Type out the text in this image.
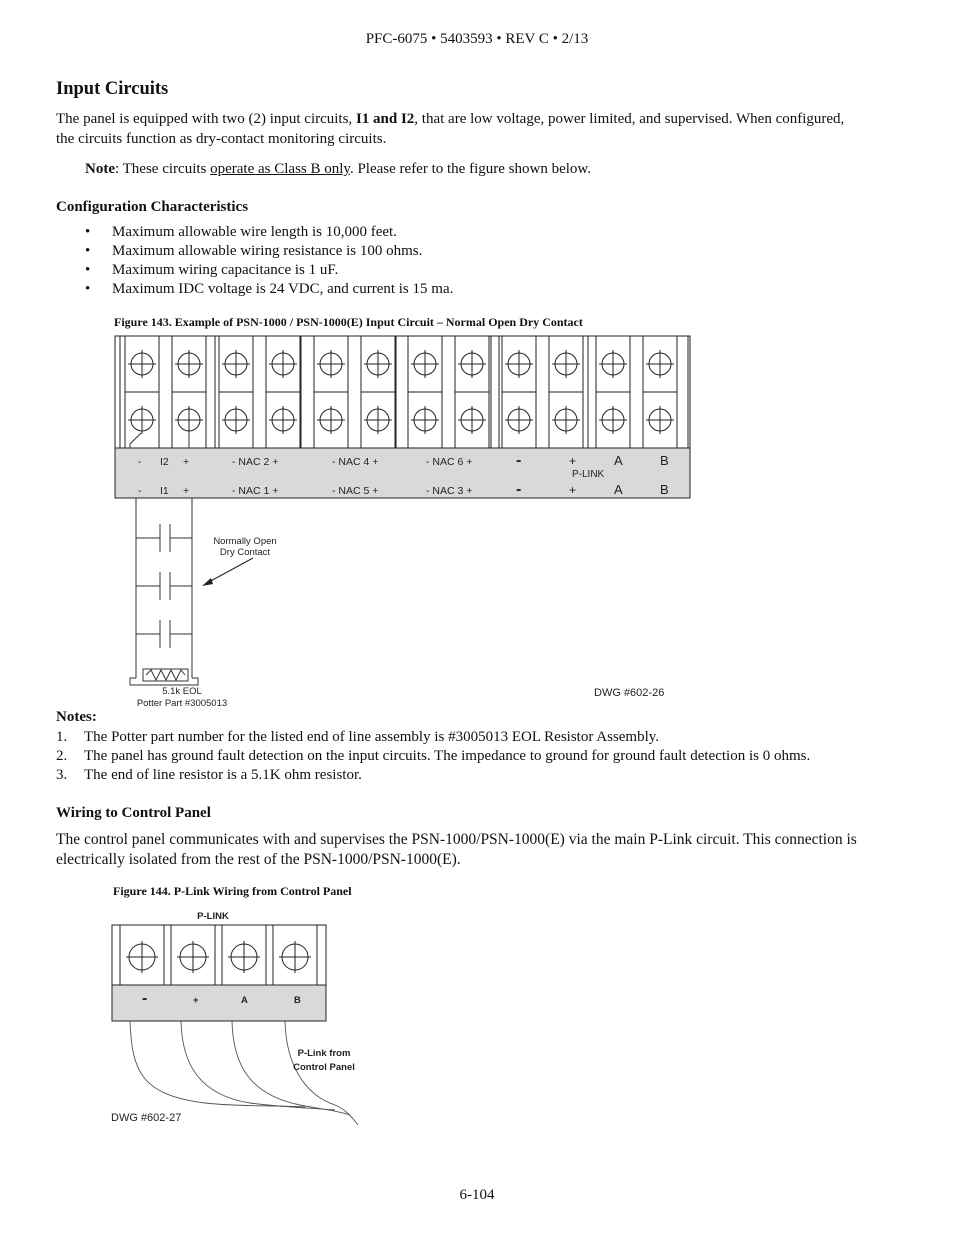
PFC-6075 • 5403593 • REV C • 2/13
Input Circuits
The panel is equipped with two (2) input circuits, I1 and I2, that are low voltage, power limited, and supervised. When configured, the circuits function as dry-contact monitoring circuits.
Note: These circuits operate as Class B only. Please refer to the figure shown below.
Configuration Characteristics
• Maximum allowable wire length is 10,000 feet.
• Maximum allowable wiring resistance is 100 ohms.
• Maximum wiring capacitance is 1 uF.
• Maximum IDC voltage is 24 VDC, and current is 15 ma.
Figure 143. Example of PSN-1000 / PSN-1000(E) Input Circuit – Normal Open Dry Contact
- I2 +	- NAC 2 +	- NAC 4 +	- NAC 6 +	-	+	A	B
P-LINK
- I1 +	- NAC 1 +	- NAC 5 +	- NAC 3 +	-	+	A	B
Normally Open
Dry Contact
5.1k EOL
Potter Part #3005013
DWG #602-26
Notes:
1. The Potter part number for the listed end of line assembly is #3005013 EOL Resistor Assembly.
2. The panel has ground fault detection on the input circuits. The impedance to ground for ground fault detection is 0 ohms.
3. The end of line resistor is a 5.1K ohm resistor.
Wiring to Control Panel
The control panel communicates with and supervises the PSN-1000/PSN-1000(E) via the main P-Link circuit. This connection is electrically isolated from the rest of the PSN-1000/PSN-1000(E).
Figure 144. P-Link Wiring from Control Panel
P-LINK
-	+	A	B
P-Link from
Control Panel
DWG #602-27
6-104
